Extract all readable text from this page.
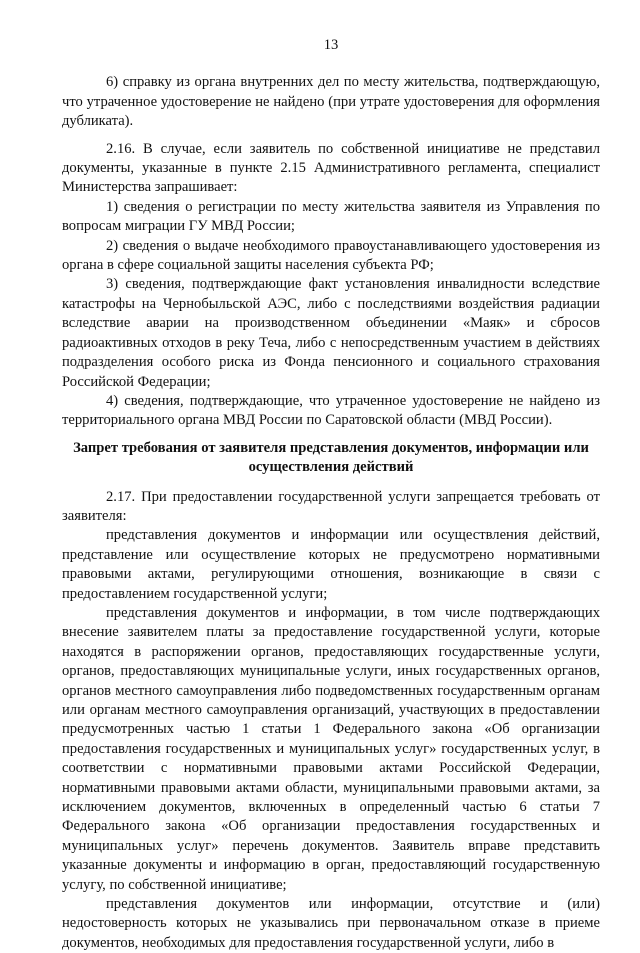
13

6) справку из органа внутренних дел по месту жительства, подтверждающую, что утраченное удостоверение не найдено (при утрате удостоверения для оформления дубликата).

2.16. В случае, если заявитель по собственной инициативе не представил документы, указанные в пункте 2.15 Административного регламента, специалист Министерства запрашивает:

1) сведения о регистрации по месту жительства заявителя из Управления по вопросам миграции ГУ МВД России;

2) сведения о выдаче необходимого правоустанавливающего удостоверения из органа в сфере социальной защиты населения субъекта РФ;

3) сведения, подтверждающие факт установления инвалидности вследствие катастрофы на Чернобыльской АЭС, либо с последствиями воздействия радиации вследствие аварии на производственном объединении «Маяк» и сбросов радиоактивных отходов в реку Теча, либо с непосредственным участием в действиях подразделения особого риска из Фонда пенсионного и социального страхования Российской Федерации;

4) сведения, подтверждающие, что утраченное удостоверение не найдено из территориального органа МВД России по Саратовской области (МВД России).

Запрет требования от заявителя представления документов, информации или осуществления действий

2.17. При предоставлении государственной услуги запрещается требовать от заявителя:

представления документов и информации или осуществления действий, представление или осуществление которых не предусмотрено нормативными правовыми актами, регулирующими отношения, возникающие в связи с предоставлением государственной услуги;

представления документов и информации, в том числе подтверждающих внесение заявителем платы за предоставление государственной услуги, которые находятся в распоряжении органов, предоставляющих государственные услуги, органов, предоставляющих муниципальные услуги, иных государственных органов, органов местного самоуправления либо подведомственных государственным органам или органам местного самоуправления организаций, участвующих в предоставлении предусмотренных частью 1 статьи 1 Федерального закона «Об организации предоставления государственных и муниципальных услуг» государственных услуг, в соответствии с нормативными правовыми актами Российской Федерации, нормативными правовыми актами области, муниципальными правовыми актами, за исключением документов, включенных в определенный частью 6 статьи 7 Федерального закона «Об организации предоставления государственных и муниципальных услуг» перечень документов. Заявитель вправе представить указанные документы и информацию в орган, предоставляющий государственную услугу, по собственной инициативе;

представления документов или информации, отсутствие и (или) недостоверность которых не указывались при первоначальном отказе в приеме документов, необходимых для предоставления государственной услуги, либо в
